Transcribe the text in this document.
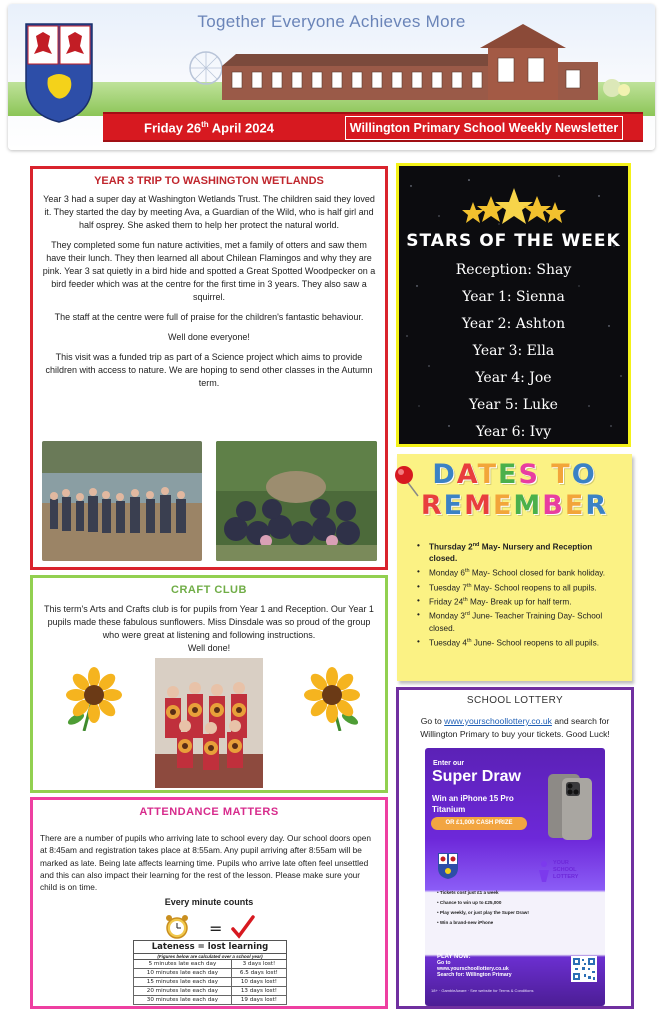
Together Everyone Achieves More
Friday 26th April 2024	Willington Primary School Weekly Newsletter
YEAR 3 TRIP TO WASHINGTON WETLANDS

Year 3 had a super day at Washington Wetlands Trust. The children said they loved it. They started the day by meeting Ava, a Guardian of the Wild, who is half girl and half osprey. She asked them to help her protect the natural world.

They completed some fun nature activities, met a family of otters and saw them have their lunch. They then learned all about Chilean Flamingos and why they are pink. Year 3 sat quietly in a bird hide and spotted a Great Spotted Woodpecker on a bird feeder which was at the centre for the first time in 3 years. They also saw a squirrel.

The staff at the centre were full of praise for the children's fantastic behaviour.

Well done everyone!

This visit was a funded trip as part of a Science project which aims to provide children with access to nature. We are hoping to send other classes in the Autumn term.

CRAFT CLUB

This term's Arts and Crafts club is for pupils from Year 1 and Reception. Our Year 1 pupils made these fabulous sunflowers. Miss Dinsdale was so proud of the group who were great at listening and following instructions.

Well done!

ATTENDANCE MATTERS

There are a number of pupils who arriving late to school every day. Our school doors open at 8:45am and registration takes place at 8:55am. Any pupil arriving after 8:55am will be marked as late. Being late affects learning time. Pupils who arrive late often feel unsettled and this can also impact their learning for the rest of the lesson. Please make sure your child is on time.

Every minute counts
=
Lateness = lost learning	
(Figures below are calculated over a school year)	
5 minutes late each day	3 days lost!
10 minutes late each day	6.5 days lost!
15 minutes late each day	10 days lost!
20 minutes late each day	13 days lost!
30 minutes late each day	19 days lost!
STARS OF THE WEEK
Reception: Shay
Year 1: Sienna
Year 2: Ashton
Year 3: Ella
Year 4: Joe
Year 5: Luke
Year 6: Ivy
DATES TO
REMEMBER
• Thursday 2nd May- Nursery and Reception closed.
• Monday 6th May- School closed for bank holiday.
• Tuesday 7th May- School reopens to all pupils.
• Friday 24th May- Break up for half term.
• Monday 3rd June- Teacher Training Day- School closed.
• Tuesday 4th June- School reopens to all pupils.
SCHOOL LOTTERY

Go to www.yourschoollottery.co.uk and search for Willington Primary to buy your tickets. Good Luck!

Enter our
Super Draw
Win an iPhone 15 Pro Titanium
OR £1,000 CASH PRIZE
YOUR
SCHOOL
LOTTERY
• Tickets cost just £1 a week
• Chance to win up to £25,000
• Play weekly, or just play the Super Draw!
• Win a brand-new iPhone
PLAY NOW:
Go to
www.yourschoollottery.co.uk
Search for: Willington Primary
18+ · GambleAware · See website for Terms & Conditions
